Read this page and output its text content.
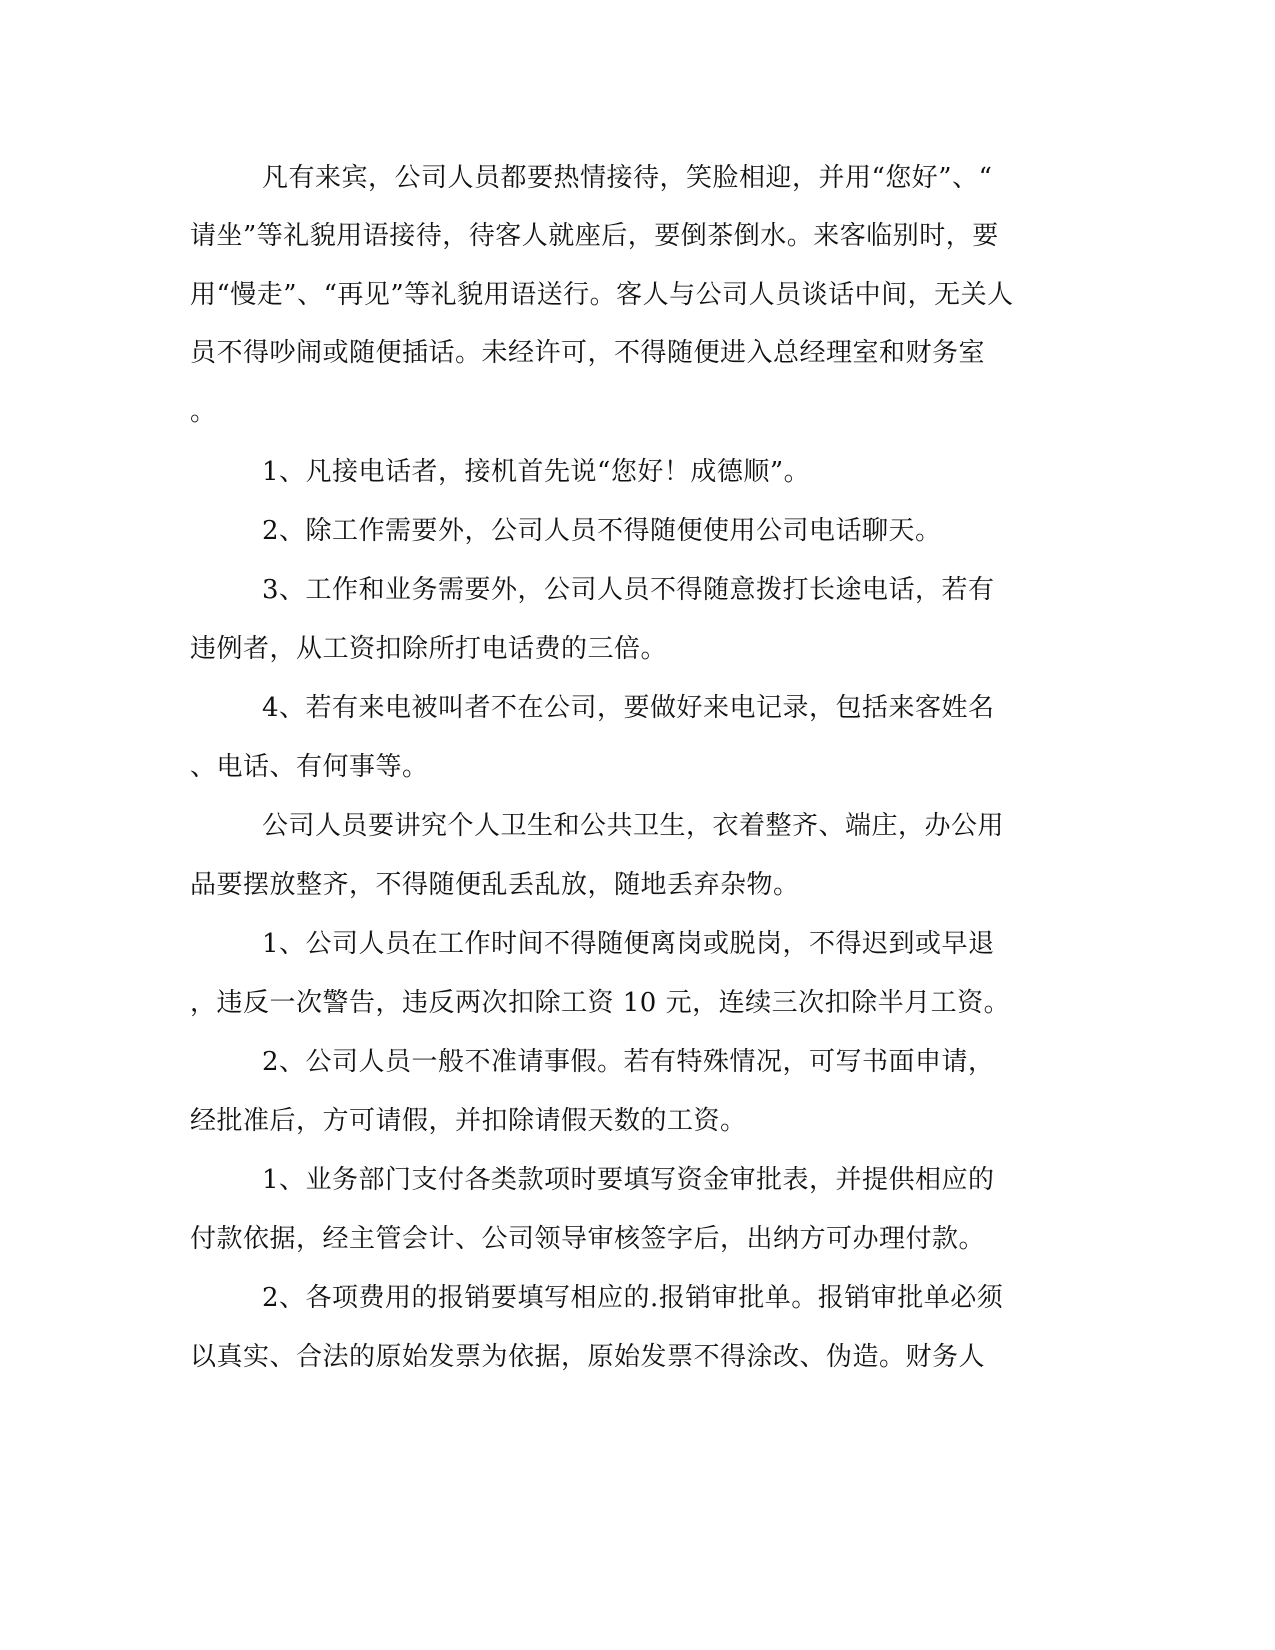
凡有来宾，公司人员都要热情接待，笑脸相迎，并用“您好”、“
请坐”等礼貌用语接待，待客人就座后，要倒茶倒水。来客临别时，要
用“慢走”、“再见”等礼貌用语送行。客人与公司人员谈话中间，无关人
员不得吵闹或随便插话。未经许可，不得随便进入总经理室和财务室
。
1、凡接电话者，接机首先说“您好！成德顺”。
2、除工作需要外，公司人员不得随便使用公司电话聊天。
3、工作和业务需要外，公司人员不得随意拨打长途电话，若有
违例者，从工资扣除所打电话费的三倍。
4、若有来电被叫者不在公司，要做好来电记录，包括来客姓名
、电话、有何事等。
公司人员要讲究个人卫生和公共卫生，衣着整齐、端庄，办公用
品要摆放整齐，不得随便乱丢乱放，随地丢弃杂物。
1、公司人员在工作时间不得随便离岗或脱岗，不得迟到或早退
，违反一次警告，违反两次扣除工资 10 元，连续三次扣除半月工资。
2、公司人员一般不准请事假。若有特殊情况，可写书面申请，
经批准后，方可请假，并扣除请假天数的工资。
1、业务部门支付各类款项时要填写资金审批表，并提供相应的
付款依据，经主管会计、公司领导审核签字后，出纳方可办理付款。
2、各项费用的报销要填写相应的.报销审批单。报销审批单必须
以真实、合法的原始发票为依据，原始发票不得涂改、伪造。财务人
